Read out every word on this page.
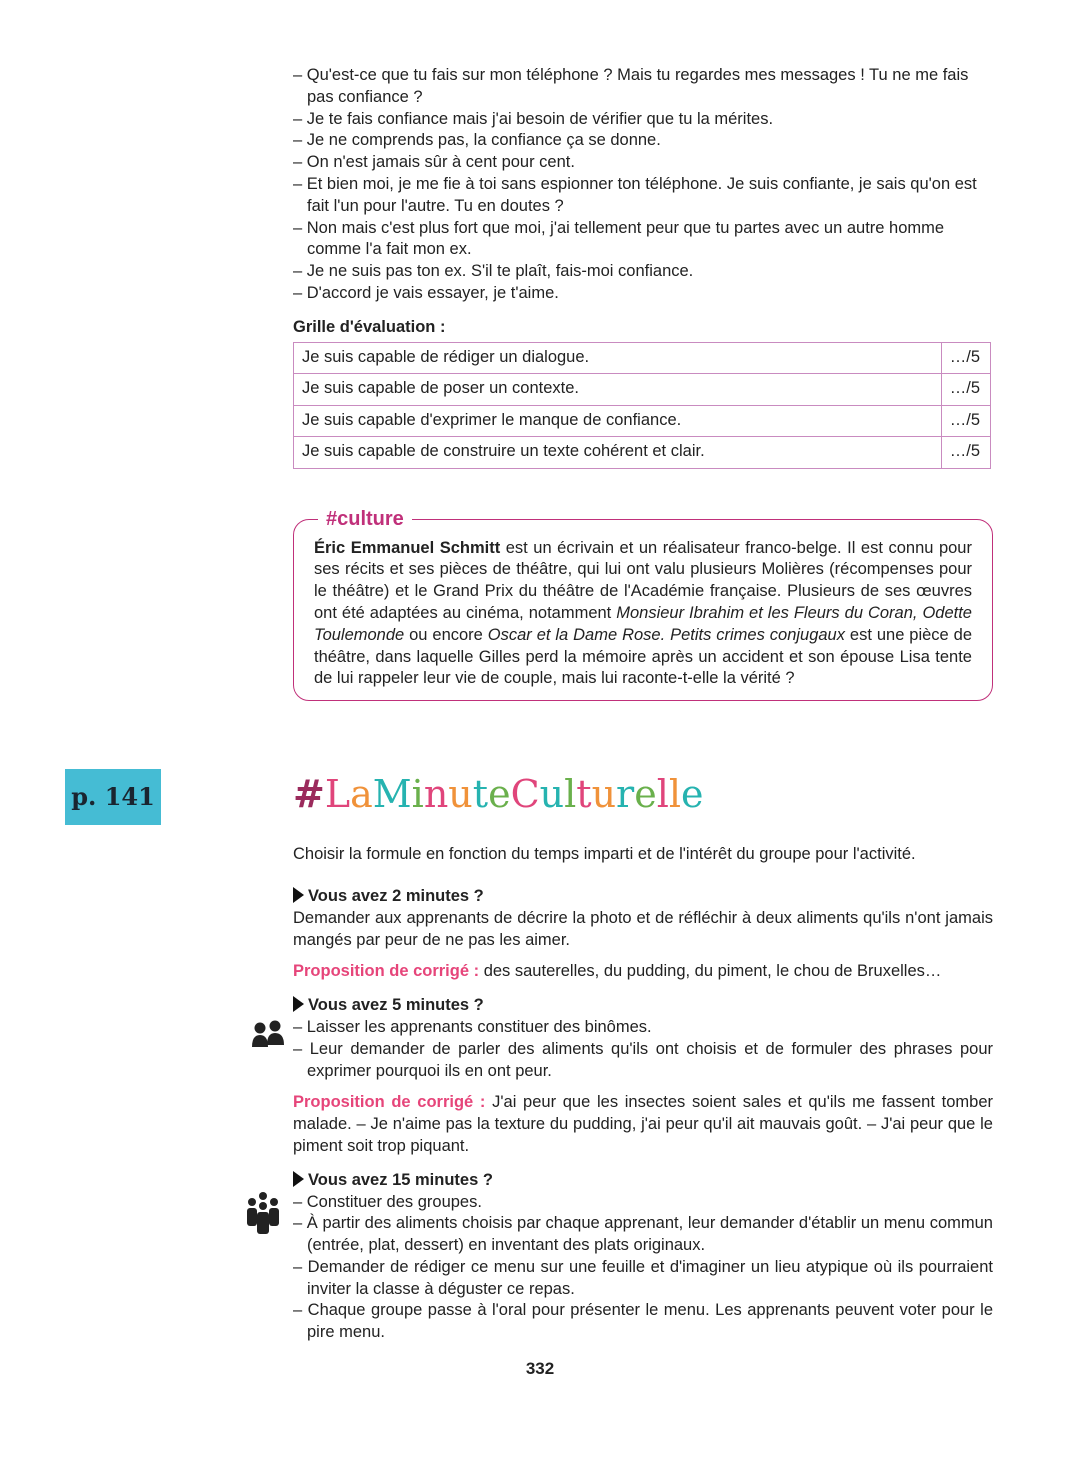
– Qu'est-ce que tu fais sur mon téléphone ? Mais tu regardes mes messages ! Tu ne me fais pas confiance ?

– Je te fais confiance mais j'ai besoin de vérifier que tu la mérites.

– Je ne comprends pas, la confiance ça se donne.

– On n'est jamais sûr à cent pour cent.

– Et bien moi, je me fie à toi sans espionner ton téléphone. Je suis confiante, je sais qu'on est fait l'un pour l'autre. Tu en doutes ?

– Non mais c'est plus fort que moi, j'ai tellement peur que tu partes avec un autre homme comme l'a fait mon ex.

– Je ne suis pas ton ex. S'il te plaît, fais-moi confiance.

– D'accord je vais essayer, je t'aime.

Grille d'évaluation :

Je suis capable de rédiger un dialogue.	…/5
Je suis capable de poser un contexte.	…/5
Je suis capable d'exprimer le manque de confiance.	…/5
Je suis capable de construire un texte cohérent et clair.	…/5
#culture

Éric Emmanuel Schmitt est un écrivain et un réalisateur franco-belge. Il est connu pour ses récits et ses pièces de théâtre, qui lui ont valu plusieurs Molières (récompenses pour le théâtre) et le Grand Prix du théâtre de l'Académie française. Plusieurs de ses œuvres ont été adaptées au cinéma, notamment Monsieur Ibrahim et les Fleurs du Coran, Odette Toulemonde ou encore Oscar et la Dame Rose. Petits crimes conjugaux est une pièce de théâtre, dans laquelle Gilles perd la mémoire après un accident et son épouse Lisa tente de lui rappeler leur vie de couple, mais lui raconte-t-elle la vérité ?

p. 141	#LaMinuteCulturelle

Choisir la formule en fonction du temps imparti et de l'intérêt du groupe pour l'activité.

Vous avez 2 minutes ?

Demander aux apprenants de décrire la photo et de réfléchir à deux aliments qu'ils n'ont jamais mangés par peur de ne pas les aimer.

Proposition de corrigé : des sauterelles, du pudding, du piment, le chou de Bruxelles…

Vous avez 5 minutes ?

– Laisser les apprenants constituer des binômes.

– Leur demander de parler des aliments qu'ils ont choisis et de formuler des phrases pour exprimer pourquoi ils en ont peur.

Proposition de corrigé : J'ai peur que les insectes soient sales et qu'ils me fassent tomber malade. – Je n'aime pas la texture du pudding, j'ai peur qu'il ait mauvais goût. – J'ai peur que le piment soit trop piquant.

Vous avez 15 minutes ?

– Constituer des groupes.

– À partir des aliments choisis par chaque apprenant, leur demander d'établir un menu commun (entrée, plat, dessert) en inventant des plats originaux.

– Demander de rédiger ce menu sur une feuille et d'imaginer un lieu atypique où ils pourraient inviter la classe à déguster ce repas.

– Chaque groupe passe à l'oral pour présenter le menu. Les apprenants peuvent voter pour le pire menu.

332
